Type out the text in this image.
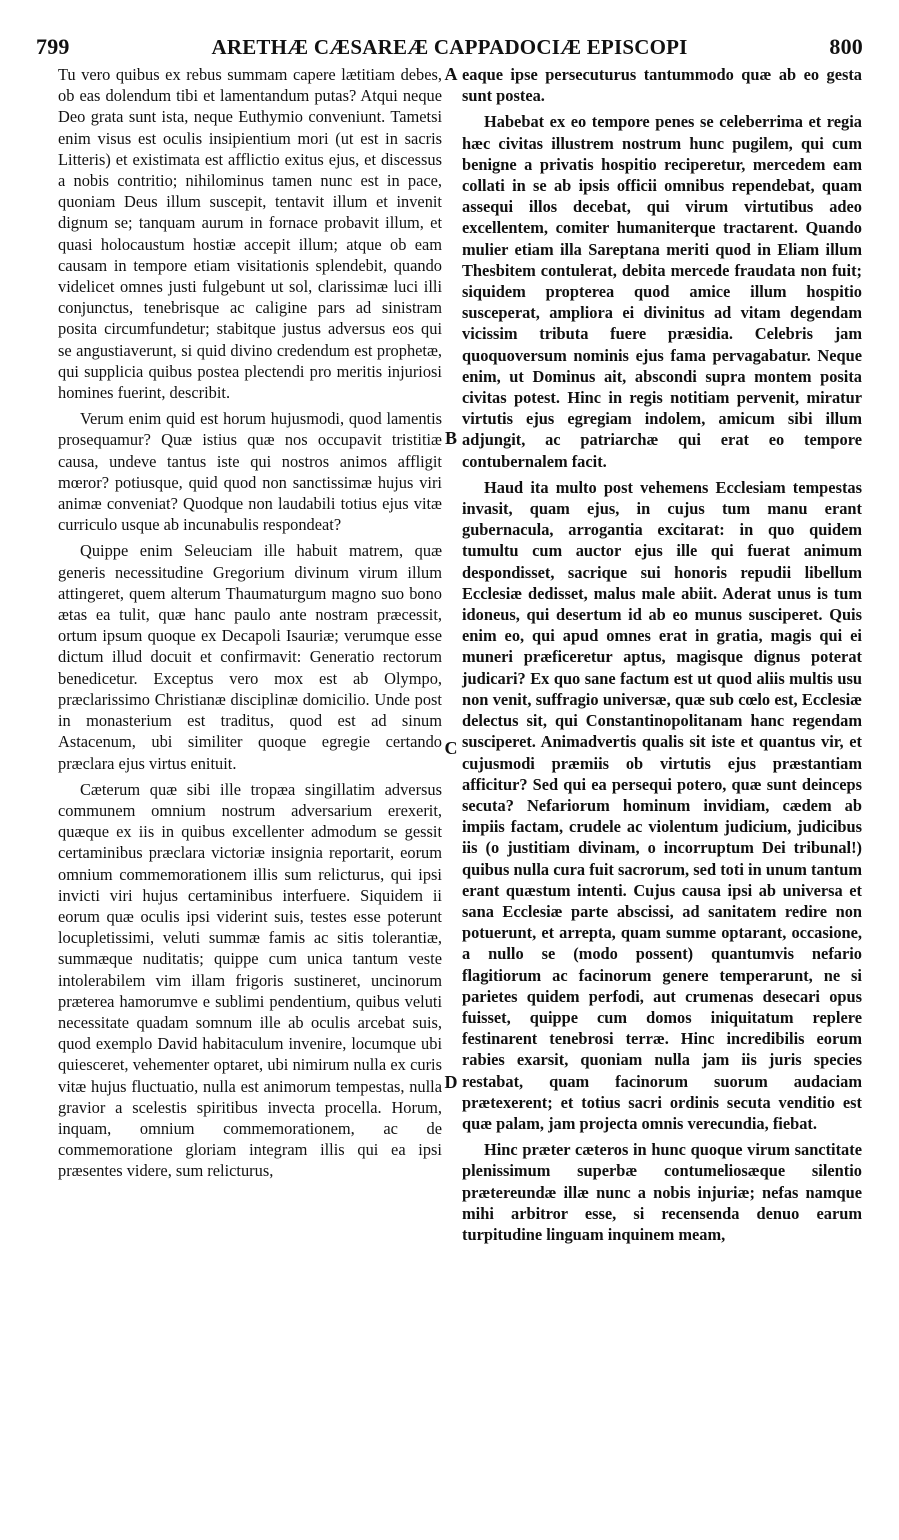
799	ARETHÆ CÆSAREÆ CAPPADOCIÆ EPISCOPI	800

Tu vero quibus ex rebus summam capere lætitiam debes, ob eas dolendum tibi et lamentandum putas? Atqui neque Deo grata sunt ista, neque Euthymio conveniunt. Tametsi enim visus est oculis insipientium mori (ut est in sacris Litteris) et existimata est afflictio exitus ejus, et discessus a nobis contritio; nihilominus tamen nunc est in pace, quoniam Deus illum suscepit, tentavit illum et invenit dignum se; tanquam aurum in fornace probavit illum, et quasi holocaustum hostiæ accepit illum; atque ob eam causam in tempore etiam visitationis splendebit, quando videlicet omnes justi fulgebunt ut sol, clarissimæ luci illi conjunctus, tenebrisque ac caligine pars ad sinistram posita circumfundetur; stabitque justus adversus eos qui se angustiaverunt, si quid divino credendum est prophetæ, qui supplicia quibus postea plectendi pro meritis injuriosi homines fuerint, describit.

Verum enim quid est horum hujusmodi, quod lamentis prosequamur? Quæ istius quæ nos occupavit tristitiæ causa, undeve tantus iste qui nostros animos affligit mœror? potiusque, quid quod non sanctissimæ hujus viri animæ conveniat? Quodque non laudabili totius ejus vitæ curriculo usque ab incunabulis respondeat?

Quippe enim Seleuciam ille habuit matrem, quæ generis necessitudine Gregorium divinum virum illum attingeret, quem alterum Thaumaturgum magno suo bono ætas ea tulit, quæ hanc paulo ante nostram præcessit, ortum ipsum quoque ex Decapoli Isauriæ; verumque esse dictum illud docuit et confirmavit: Generatio rectorum benedicetur. Exceptus vero mox est ab Olympo, præclarissimo Christianæ disciplinæ domicilio. Unde post in monasterium est traditus, quod est ad sinum Astacenum, ubi similiter quoque egregie certando præclara ejus virtus enituit.

Cæterum quæ sibi ille tropæa singillatim adversus communem omnium nostrum adversarium erexerit, quæque ex iis in quibus excellenter admodum se gessit certaminibus præclara victoriæ insignia reportarit, eorum omnium commemorationem illis sum relicturus, qui ipsi invicti viri hujus certaminibus interfuere. Siquidem ii eorum quæ oculis ipsi viderint suis, testes esse poterunt locupletissimi, veluti summæ famis ac sitis tolerantiæ, summæque nuditatis; quippe cum unica tantum veste intolerabilem vim illam frigoris sustineret, uncinorum præterea hamorumve e sublimi pendentium, quibus veluti necessitate quadam somnum ille ab oculis arcebat suis, quod exemplo David habitaculum invenire, locumque ubi quiesceret, vehementer optaret, ubi nimirum nulla ex curis vitæ hujus fluctuatio, nulla est animorum tempestas, nulla gravior a scelestis spiritibus invecta procella. Horum, inquam, omnium commemorationem, ac de commemoratione gloriam integram illis qui ea ipsi præsentes videre, sum relicturus,

A
B
C
D

eaque ipse persecuturus tantummodo quæ ab eo gesta sunt postea.

Habebat ex eo tempore penes se celeberrima et regia hæc civitas illustrem nostrum hunc pugilem, qui cum benigne a privatis hospitio reciperetur, mercedem eam collati in se ab ipsis officii omnibus rependebat, quam assequi illos decebat, qui virum virtutibus adeo excellentem, comiter humaniterque tractarent. Quando mulier etiam illa Sareptana meriti quod in Eliam illum Thesbitem contulerat, debita mercede fraudata non fuit; siquidem propterea quod amice illum hospitio susceperat, ampliora ei divinitus ad vitam degendam vicissim tributa fuere præsidia. Celebris jam quoquoversum nominis ejus fama pervagabatur. Neque enim, ut Dominus ait, abscondi supra montem posita civitas potest. Hinc in regis notitiam pervenit, miratur virtutis ejus egregiam indolem, amicum sibi illum adjungit, ac patriarchæ qui erat eo tempore contubernalem facit.

Haud ita multo post vehemens Ecclesiam tempestas invasit, quam ejus, in cujus tum manu erant gubernacula, arrogantia excitarat: in quo quidem tumultu cum auctor ejus ille qui fuerat animum despondisset, sacrique sui honoris repudii libellum Ecclesiæ dedisset, malus male abiit. Aderat unus is tum idoneus, qui desertum id ab eo munus susciperet. Quis enim eo, qui apud omnes erat in gratia, magis qui ei muneri præficeretur aptus, magisque dignus poterat judicari? Ex quo sane factum est ut quod aliis multis usu non venit, suffragio universæ, quæ sub cœlo est, Ecclesiæ delectus sit, qui Constantinopolitanam hanc regendam susciperet. Animadvertis qualis sit iste et quantus vir, et cujusmodi præmiis ob virtutis ejus præstantiam afficitur? Sed qui ea persequi potero, quæ sunt deinceps secuta? Nefariorum hominum invidiam, cædem ab impiis factam, crudele ac violentum judicium, judicibus iis (o justitiam divinam, o incorruptum Dei tribunal!) quibus nulla cura fuit sacrorum, sed toti in unum tantum erant quæstum intenti. Cujus causa ipsi ab universa et sana Ecclesiæ parte abscissi, ad sanitatem redire non potuerunt, et arrepta, quam summe optarant, occasione, a nullo se (modo possent) quantumvis nefario flagitiorum ac facinorum genere temperarunt, ne si parietes quidem perfodi, aut crumenas desecari opus fuisset, quippe cum domos iniquitatum replere festinarent tenebrosi terræ. Hinc incredibilis eorum rabies exarsit, quoniam nulla jam iis juris species restabat, quam facinorum suorum audaciam prætexerent; et totius sacri ordinis secuta venditio est quæ palam, jam projecta omnis verecundia, fiebat.

Hinc præter cæteros in hunc quoque virum sanctitate plenissimum superbæ contumeliosæque silentio prætereundæ illæ nunc a nobis injuriæ; nefas namque mihi arbitror esse, si recensenda denuo earum turpitudine linguam inquinem meam,
